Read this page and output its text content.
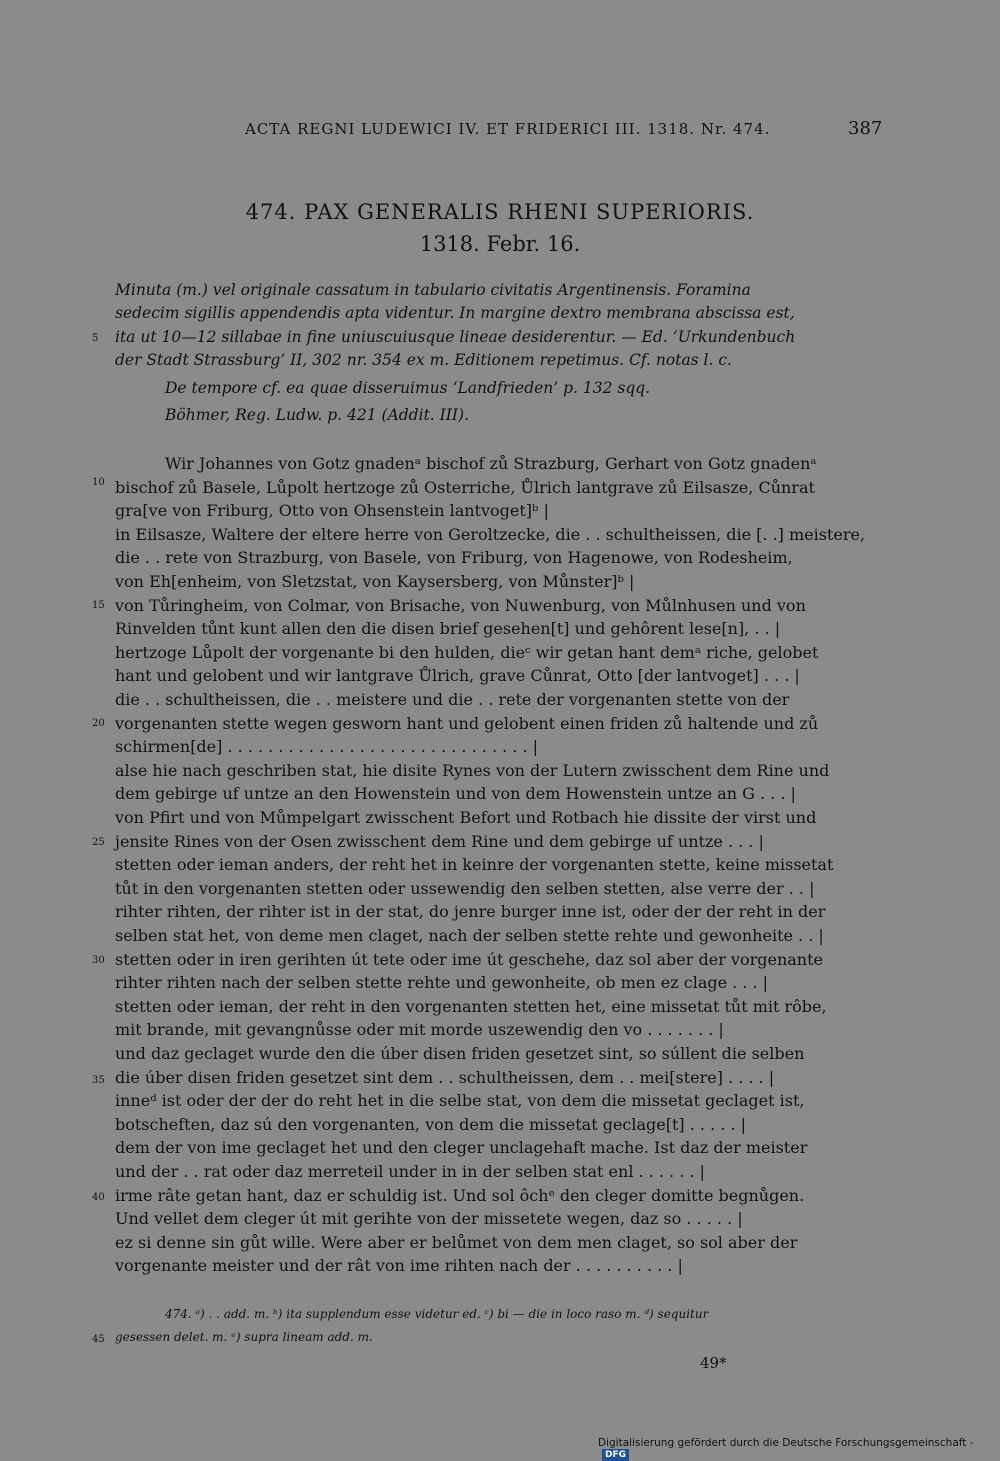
ACTA REGNI LUDEWICI IV. ET FRIDERICI III. 1318. Nr. 474.	387
474. PAX GENERALIS RHENI SUPERIORIS.
1318. Febr. 16.
Minuta (m.) vel originale cassatum in tabulario civitatis Argentinensis. Foramina
sedecim sigillis appendendis apta videntur. In margine dextro membrana abscissa est,
ita ut 10—12 sillabae in fine uniuscuiusque lineae desiderentur. — Ed. ‘Urkundenbuch
der Stadt Strassburg’ II, 302 nr. 354 ex m. Editionem repetimus. Cf. notas l. c.
De tempore cf. ea quae disseruimus ‘Landfrieden’ p. 132 sqq.
Böhmer, Reg. Ludw. p. 421 (Addit. III).
5
10
15
20
25
30
35
40
45
Wir Johannes von Gotz gnadenᵃ bischof zů Strazburg, Gerhart von Gotz gnadenᵃ
bischof zů Basele, Lůpolt hertzoge zů Osterriche, Ůlrich lantgrave zů Eilsasze, Cůnrat
gra[ve von Friburg, Otto von Ohsenstein lantvoget]ᵇ |
in Eilsasze, Waltere der eltere herre von Geroltzecke, die . . schultheissen, die [. .] meistere,
die . . rete von Strazburg, von Basele, von Friburg, von Hagenowe, von Rodesheim,
von Eh[enheim, von Sletzstat, von Kaysersberg, von Můnster]ᵇ |
von Tůringheim, von Colmar, von Brisache, von Nuwenburg, von Můlnhusen und von
Rinvelden tůnt kunt allen den die disen brief gesehen[t] und gehôrent lese[n], . . |
hertzoge Lůpolt der vorgenante bi den hulden, dieᶜ wir getan hant demᵃ riche, gelobet
hant und gelobent und wir lantgrave Ůlrich, grave Cůnrat, Otto [der lantvoget] . . . |
die . . schultheissen, die . . meistere und die . . rete der vorgenanten stette von der
vorgenanten stette wegen gesworn hant und gelobent einen friden zů haltende und zů
schirmen[de] . . . . . . . . . . . . . . . . . . . . . . . . . . . . . . |
alse hie nach geschriben stat, hie disite Rynes von der Lutern zwisschent dem Rine und
dem gebirge uf untze an den Howenstein und von dem Howenstein untze an G . . . |
von Pfirt und von Můmpelgart zwisschent Befort und Rotbach hie dissite der virst und
jensite Rines von der Osen zwisschent dem Rine und dem gebirge uf untze . . . |
stetten oder ieman anders, der reht het in keinre der vorgenanten stette, keine missetat
tůt in den vorgenanten stetten oder ussewendig den selben stetten, alse verre der . . |
rihter rihten, der rihter ist in der stat, do jenre burger inne ist, oder der der reht in der
selben stat het, von deme men claget, nach der selben stette rehte und gewonheite . . |
stetten oder in iren gerihten út tete oder ime út geschehe, daz sol aber der vorgenante
rihter rihten nach der selben stette rehte und gewonheite, ob men ez clage . . . |
stetten oder ieman, der reht in den vorgenanten stetten het, eine missetat tůt mit rôbe,
mit brande, mit gevangnůsse oder mit morde uszewendig den vo . . . . . . . |
und daz geclaget wurde den die úber disen friden gesetzet sint, so súllent die selben
die úber disen friden gesetzet sint dem . . schultheissen, dem . . mei[stere] . . . . |
inneᵈ ist oder der der do reht het in die selbe stat, von dem die missetat geclaget ist,
botscheften, daz sú den vorgenanten, von dem die missetat geclage[t] . . . . . |
dem der von ime geclaget het und den cleger unclagehaft mache. Ist daz der meister
und der . . rat oder daz merreteil under in in der selben stat enl . . . . . . |
irme râte getan hant, daz er schuldig ist. Und sol ôchᵉ den cleger domitte begnůgen.
Und vellet dem cleger út mit gerihte von der missetete wegen, daz so . . . . . |
ez si denne sin gůt wille. Were aber er belůmet von dem men claget, so sol aber der
vorgenante meister und der rât von ime rihten nach der . . . . . . . . . . |
474. ᵃ) . . add. m. ᵇ) ita supplendum esse videtur ed. ᶜ) bi — die in loco raso m. ᵈ) sequitur
gesessen delet. m. ᵉ) supra lineam add. m.
49*
Digitalisierung gefördert durch die Deutsche Forschungsgemeinschaft -DFG
